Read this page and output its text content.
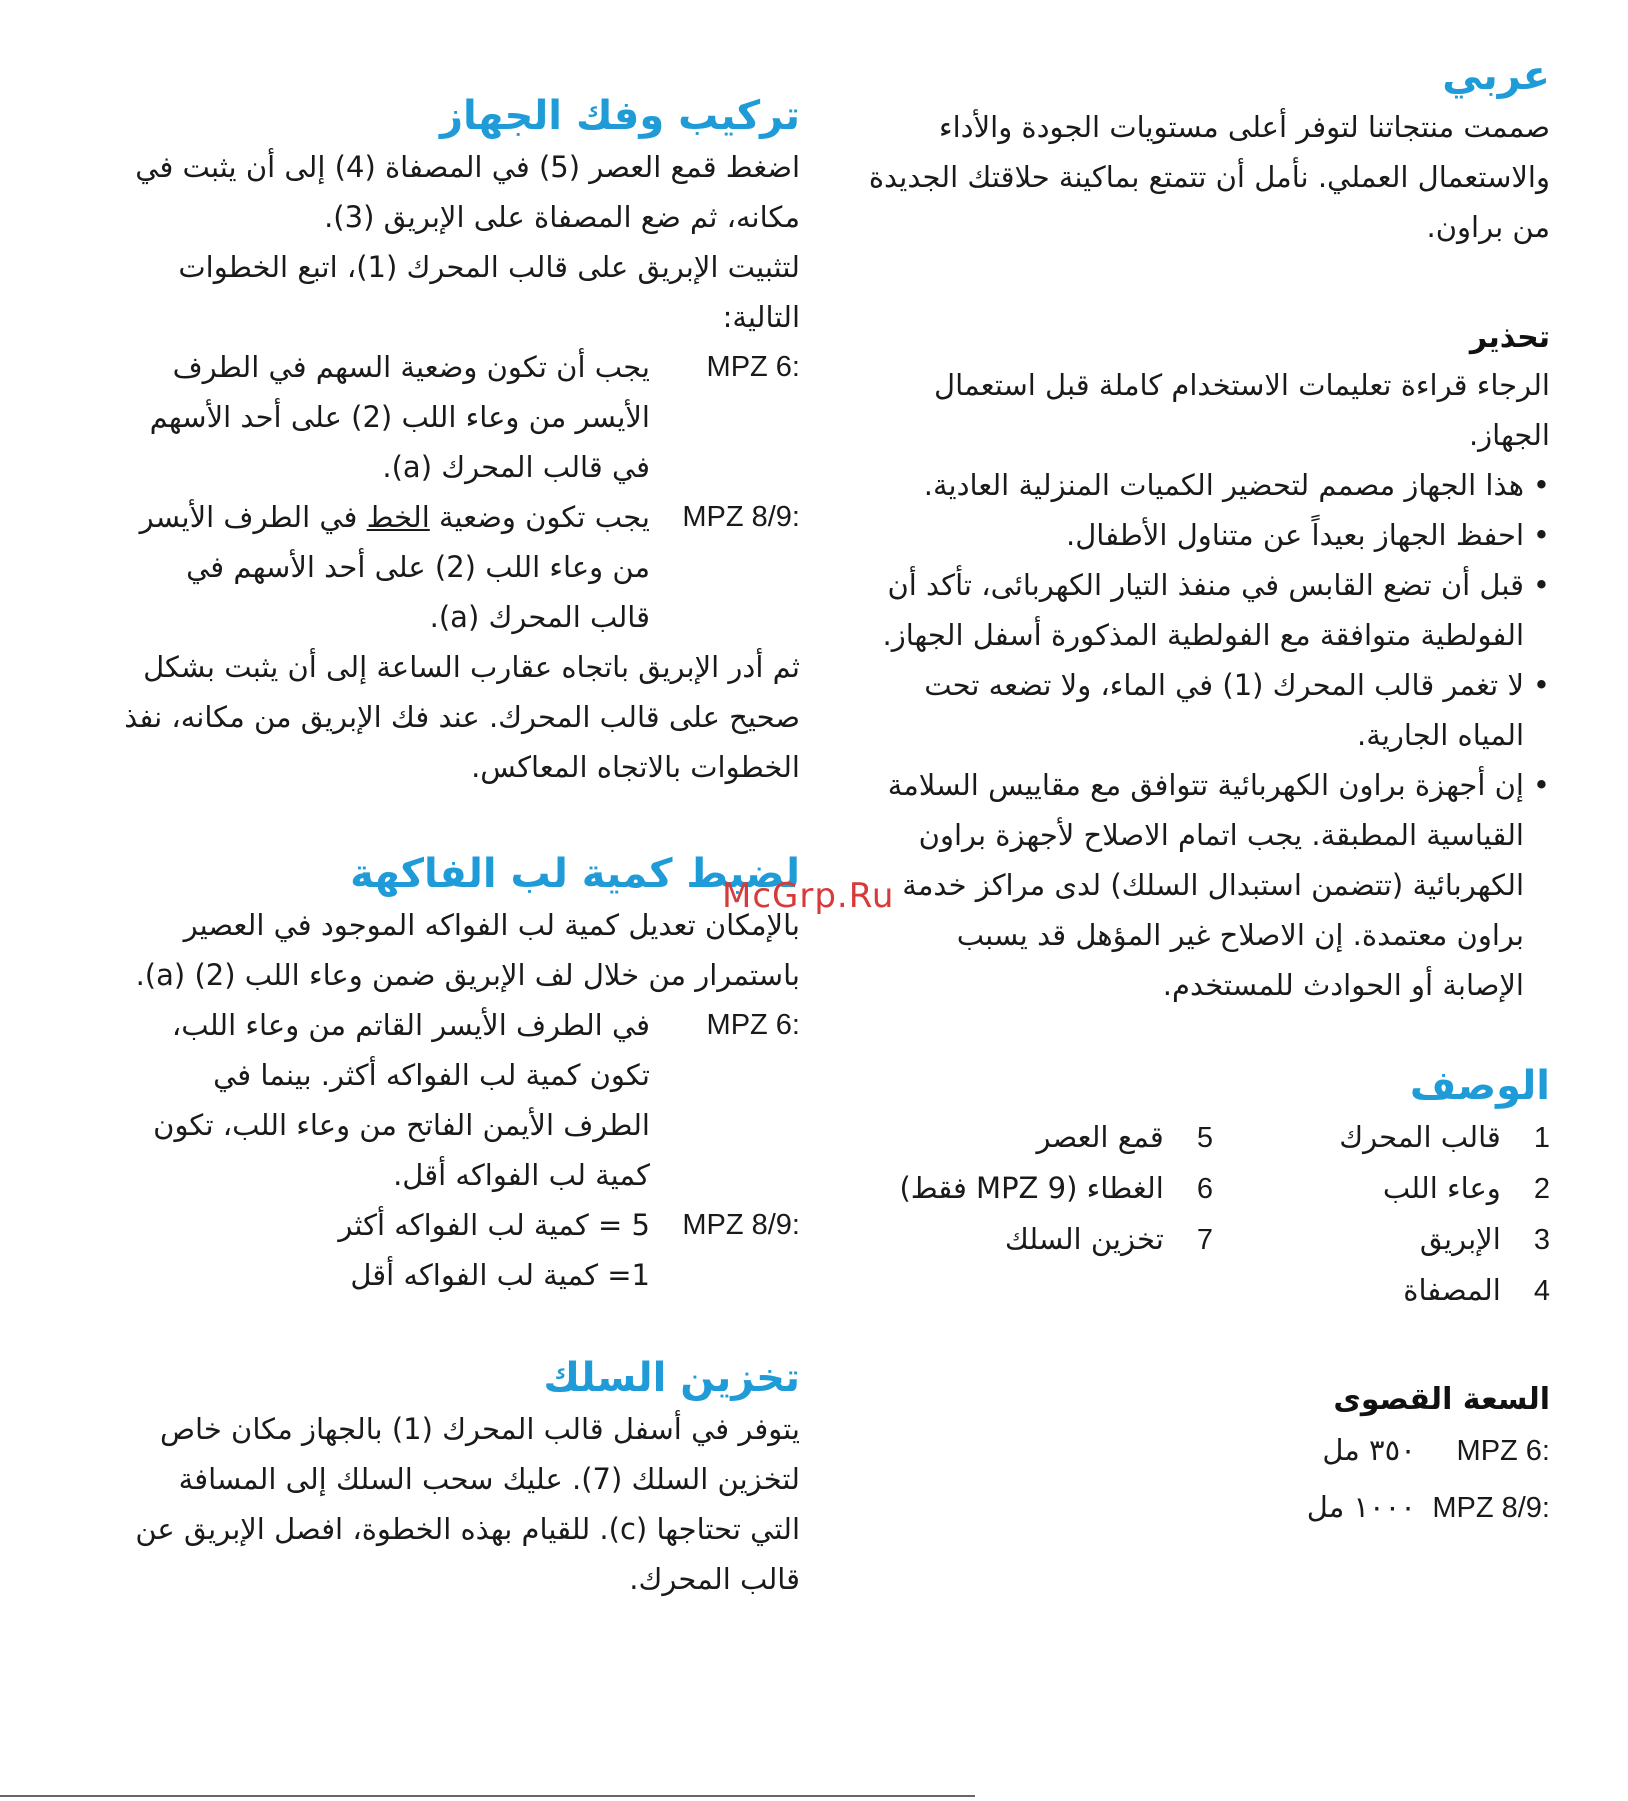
عربي

صممت منتجاتنا لتوفر أعلى مستويات الجودة والأداء والاستعمال العملي. نأمل أن تتمتع بماكينة حلاقتك الجديدة من براون.

تحذير

الرجاء قراءة تعليمات الاستخدام كاملة قبل استعمال الجهاز.

• هذا الجهاز مصمم لتحضير الكميات المنزلية العادية.

• احفظ الجهاز بعيداً عن متناول الأطفال.

• قبل أن تضع القابس في منفذ التيار الكهربائى، تأكد أن الفولطية متوافقة مع الفولطية المذكورة أسفل الجهاز.

• لا تغمر قالب المحرك (1) في الماء، ولا تضعه تحت المياه الجارية.

• إن أجهزة براون الكهربائية تتوافق مع مقاييس السلامة القياسية المطبقة. يجب اتمام الاصلاح لأجهزة براون الكهربائية (تتضمن استبدال السلك) لدى مراكز خدمة براون معتمدة. إن الاصلاح غير المؤهل قد يسبب الإصابة أو الحوادث للمستخدم.

الوصف
1 قالب المحرك
2 وعاء اللب
3 الإبريق
4 المصفاة
5 قمع العصر
6 الغطاء (MPZ 9 فقط)
7 تخزين السلك
السعة القصوى

MPZ 6: ٣٥٠ مل

MPZ 8/9: ١٠٠٠ مل

تركيب وفك الجهاز

اضغط قمع العصر (5) في المصفاة (4) إلى أن يثبت في مكانه، ثم ضع المصفاة على الإبريق (3).

لتثبيت الإبريق على قالب المحرك (1)، اتبع الخطوات التالية:

MPZ 6:
يجب أن تكون وضعية السهم في الطرف الأيسر من وعاء اللب (2) على أحد الأسهم في قالب المحرك (a).

MPZ 8/9:
يجب تكون وضعية الخط في الطرف الأيسر من وعاء اللب (2) على أحد الأسهم في قالب المحرك (a).

ثم أدر الإبريق باتجاه عقارب الساعة إلى أن يثبت بشكل صحيح على قالب المحرك. عند فك الإبريق من مكانه، نفذ الخطوات بالاتجاه المعاكس.

لضبط كمية لب الفاكهة

بالإمكان تعديل كمية لب الفواكه الموجود في العصير باستمرار من خلال لف الإبريق ضمن وعاء اللب (2) (a).

MPZ 6:
في الطرف الأيسر القاتم من وعاء اللب، تكون كمية لب الفواكه أكثر. بينما في الطرف الأيمن الفاتح من وعاء اللب، تكون كمية لب الفواكه أقل.

MPZ 8/9:
5 = كمية لب الفواكه أكثر
1= كمية لب الفواكه أقل

تخزين السلك

يتوفر في أسفل قالب المحرك (1) بالجهاز مكان خاص لتخزين السلك (7). عليك سحب السلك إلى المسافة التي تحتاجها (c). للقيام بهذه الخطوة، افصل الإبريق عن قالب المحرك.

McGrp.Ru
